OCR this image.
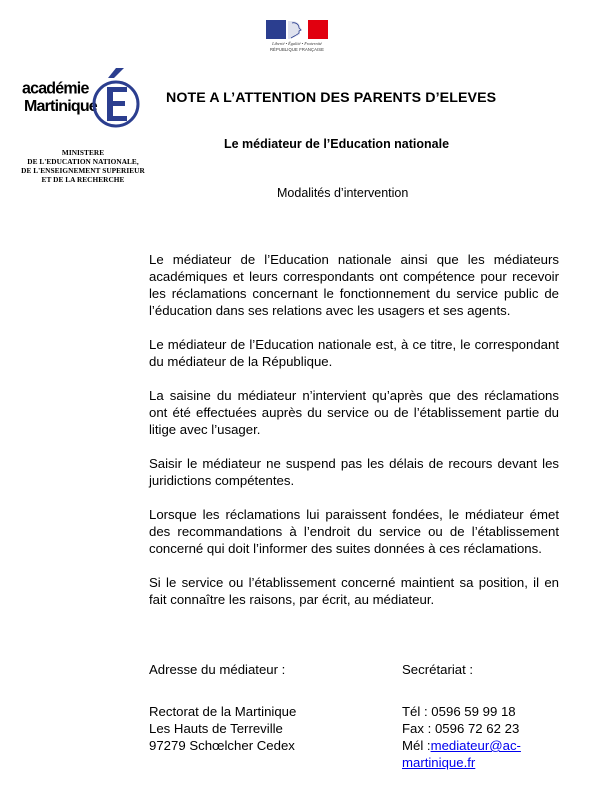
Liberté • Égalité • Fraternité
RÉPUBLIQUE FRANÇAISE
académie
Martinique
MINISTERE
DE L'EDUCATION NATIONALE,
DE L'ENSEIGNEMENT SUPERIEUR
ET DE LA RECHERCHE
NOTE A L’ATTENTION DES PARENTS D’ELEVES
Le médiateur de l’Education nationale
Modalités d’intervention

Le médiateur de l’Education nationale ainsi que les médiateurs académiques et leurs correspondants ont compétence pour recevoir les réclamations concernant le fonctionnement du service public de l’éducation dans ses relations avec les usagers et ses agents.

Le médiateur de l’Education nationale est, à ce titre, le correspondant du médiateur de la République.

La saisine du médiateur n’intervient qu’après que des réclamations ont été effectuées auprès du service ou de l’établissement partie du litige avec l’usager.

Saisir le médiateur ne suspend pas les délais de recours devant les juridictions compétentes.

Lorsque les réclamations lui paraissent fondées, le médiateur émet des recommandations à l’endroit du service ou de l’établissement concerné qui doit l’informer des suites données à ces réclamations.

Si le service ou l’établissement concerné maintient sa position, il en fait connaître les raisons, par écrit, au médiateur.

Adresse du médiateur :
Rectorat de la Martinique
Les Hauts de Terreville
97279 Schœlcher Cedex
Secrétariat :
Tél : 0596 59 99 18
Fax : 0596 72 62 23
Mél :mediateur@ac-martinique.fr
